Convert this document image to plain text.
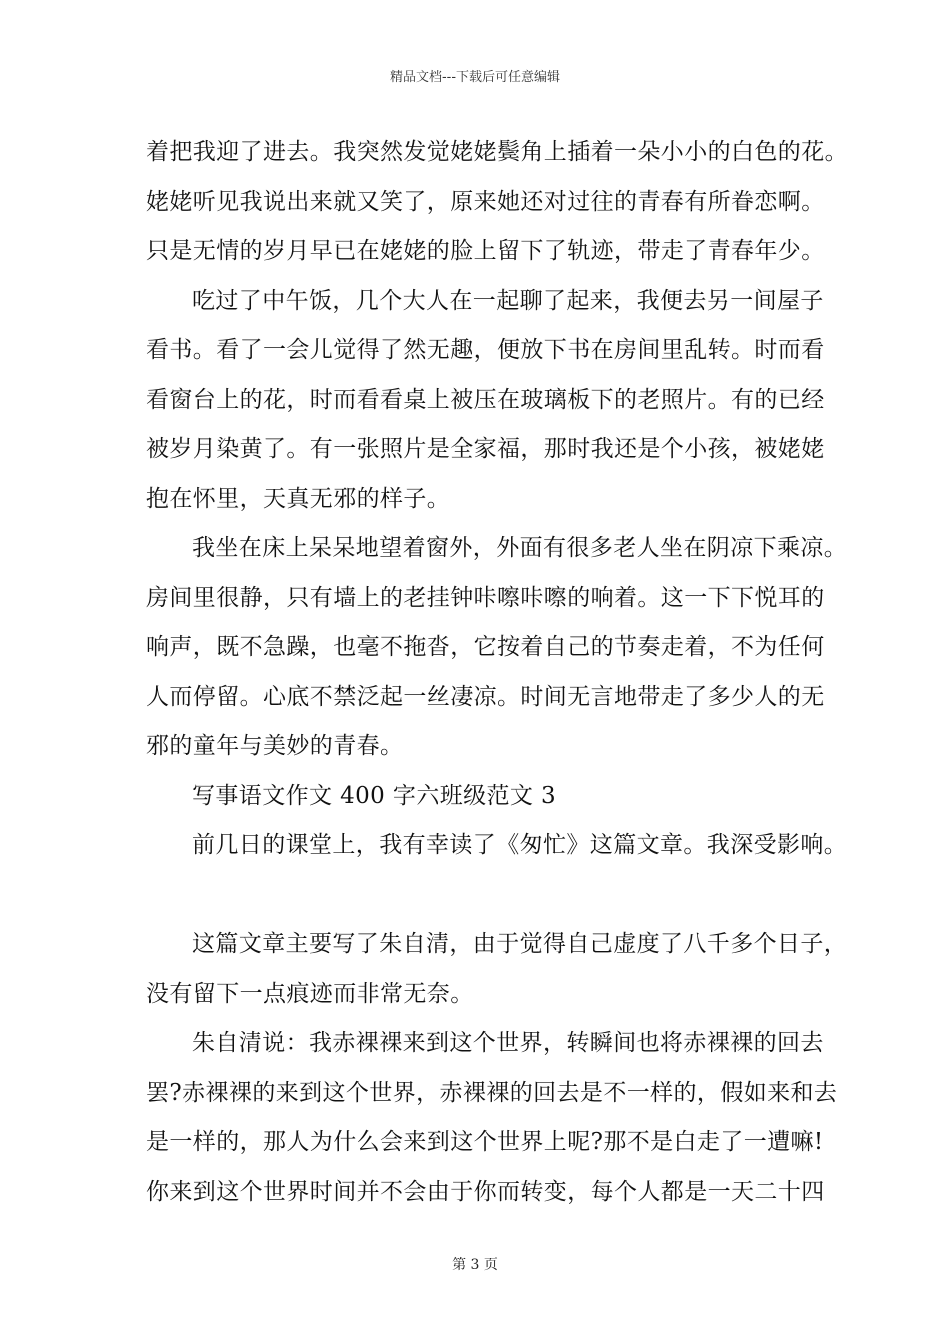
精品文档---下载后可任意编辑
着把我迎了进去。我突然发觉姥姥鬓角上插着一朵小小的白色的花。
姥姥听见我说出来就又笑了，原来她还对过往的青春有所眷恋啊。
只是无情的岁月早已在姥姥的脸上留下了轨迹，带走了青春年少。
吃过了中午饭，几个大人在一起聊了起来，我便去另一间屋子
看书。看了一会儿觉得了然无趣，便放下书在房间里乱转。时而看
看窗台上的花，时而看看桌上被压在玻璃板下的老照片。有的已经
被岁月染黄了。有一张照片是全家福，那时我还是个小孩，被姥姥
抱在怀里，天真无邪的样子。
我坐在床上呆呆地望着窗外，外面有很多老人坐在阴凉下乘凉。
房间里很静，只有墙上的老挂钟咔嚓咔嚓的响着。这一下下悦耳的
响声，既不急躁，也毫不拖沓，它按着自己的节奏走着，不为任何
人而停留。心底不禁泛起一丝凄凉。时间无言地带走了多少人的无
邪的童年与美妙的青春。
写事语文作文 400 字六班级范文 3
前几日的课堂上，我有幸读了《匆忙》这篇文章。我深受影响。
这篇文章主要写了朱自清，由于觉得自己虚度了八千多个日子，
没有留下一点痕迹而非常无奈。
朱自清说：我赤裸裸来到这个世界，转瞬间也将赤裸裸的回去
罢?赤裸裸的来到这个世界，赤裸裸的回去是不一样的，假如来和去
是一样的，那人为什么会来到这个世界上呢?那不是白走了一遭嘛!
你来到这个世界时间并不会由于你而转变，每个人都是一天二十四
第 3 页
